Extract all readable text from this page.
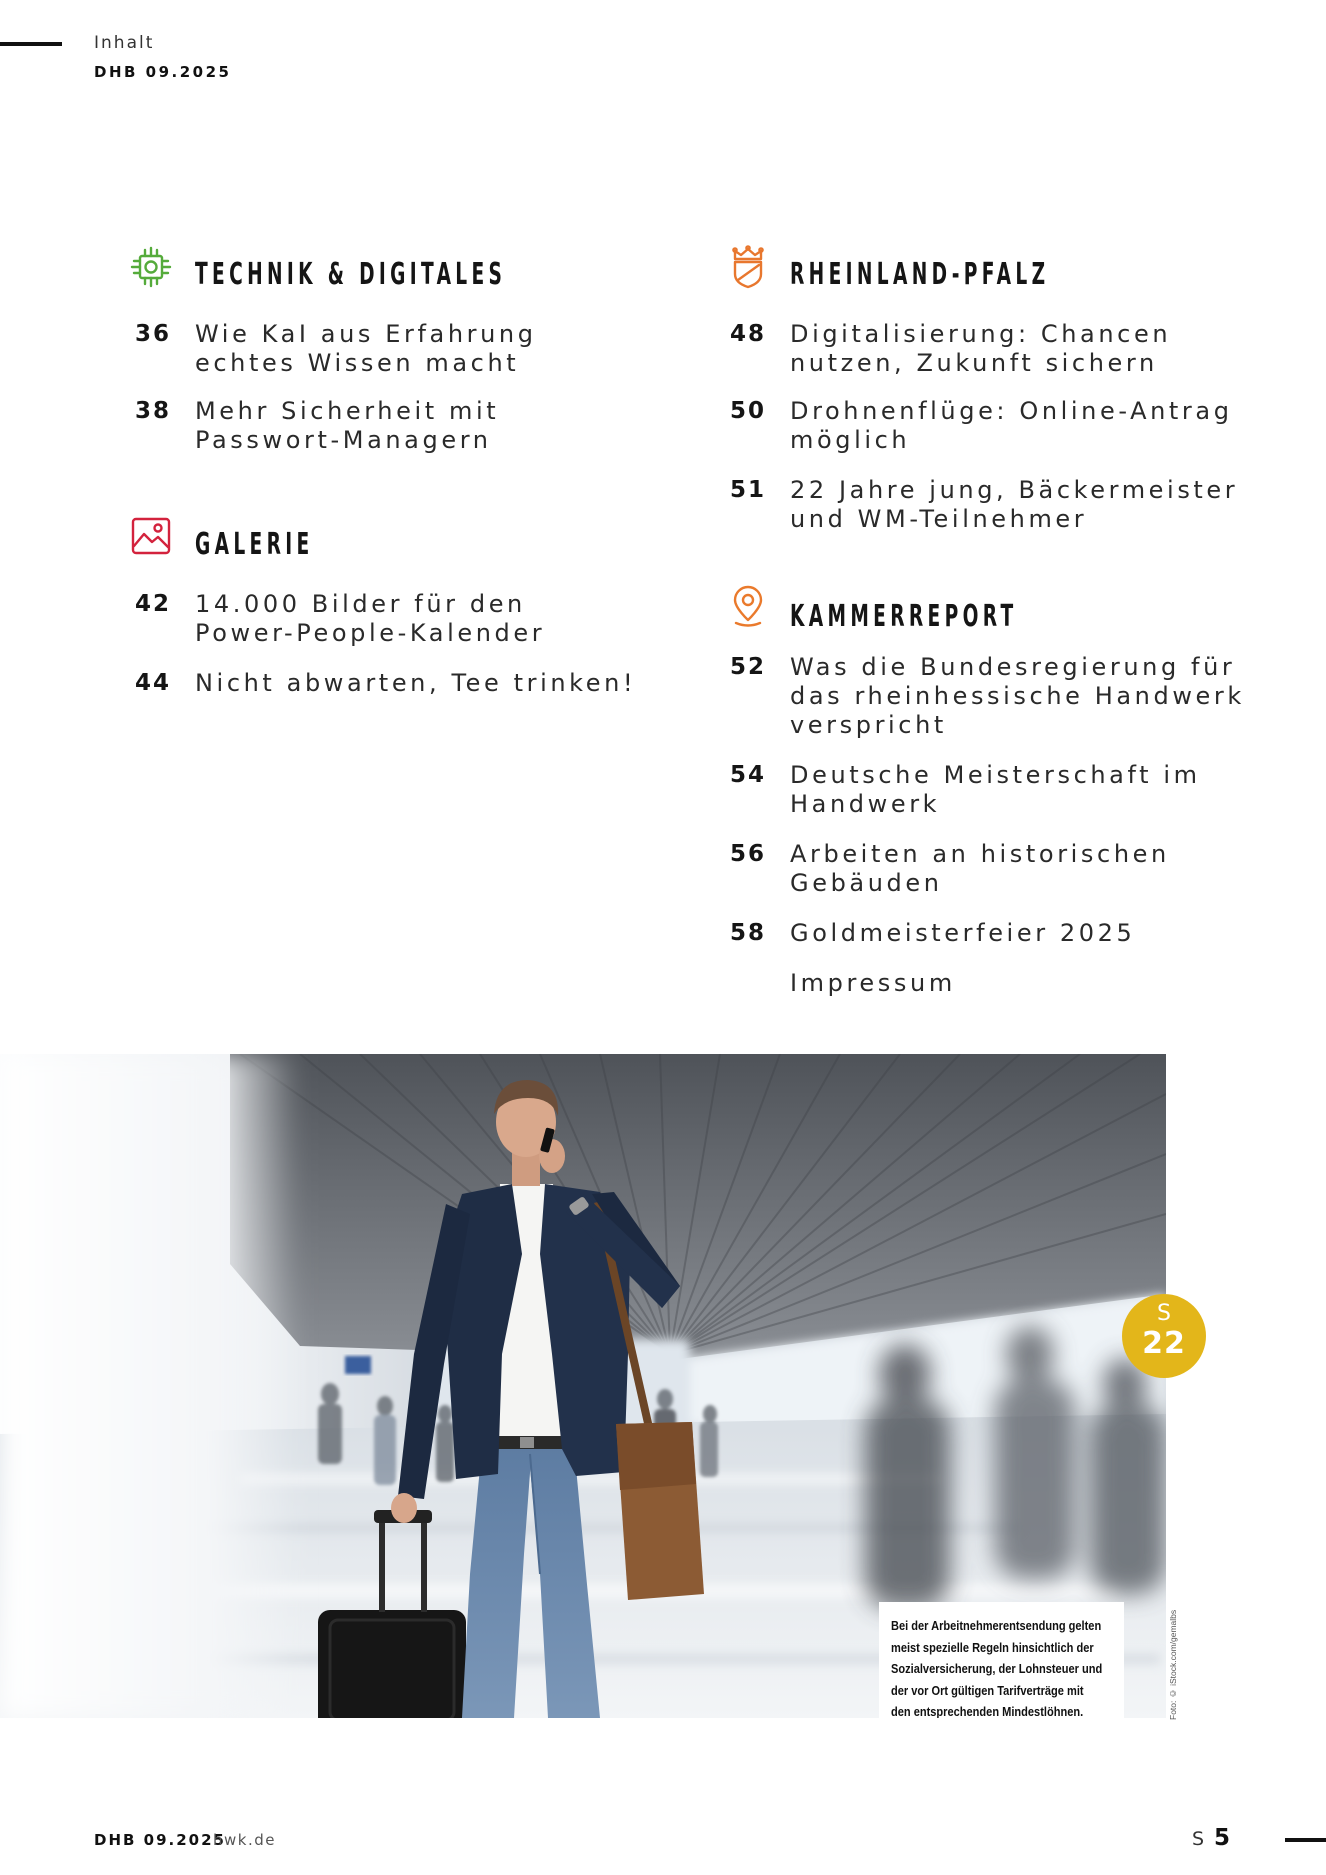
Inhalt
DHB 09.2025
TECHNIK & DIGITALES
36 Wie KaI aus Erfahrung
echtes Wissen macht
38 Mehr Sicherheit mit
Passwort-Managern
GALERIE
42 14.000 Bilder für den
Power-People-Kalender
44 Nicht abwarten, Tee trinken!
RHEINLAND-PFALZ
48 Digitalisierung: Chancen
nutzen, Zukunft sichern
50 Drohnenflüge: Online-Antrag
möglich
51 22 Jahre jung, Bäckermeister
und WM-Teilnehmer
KAMMERREPORT
52 Was die Bundesregierung für
das rheinhessische Handwerk
verspricht
54 Deutsche Meisterschaft im
Handwerk
56 Arbeiten an historischen
Gebäuden
58 Goldmeisterfeier 2025
Impressum
Bei der Arbeitnehmerentsendung gelten
meist spezielle Regeln hinsichtlich der
Sozialversicherung, der Lohnsteuer und
der vor Ort gültigen Tarifverträge mit
den entsprechenden Mindestlöhnen.	Foto: © iStock.com/gemalbs
S
22
DHB 09.2025
hwk.de	S 5
